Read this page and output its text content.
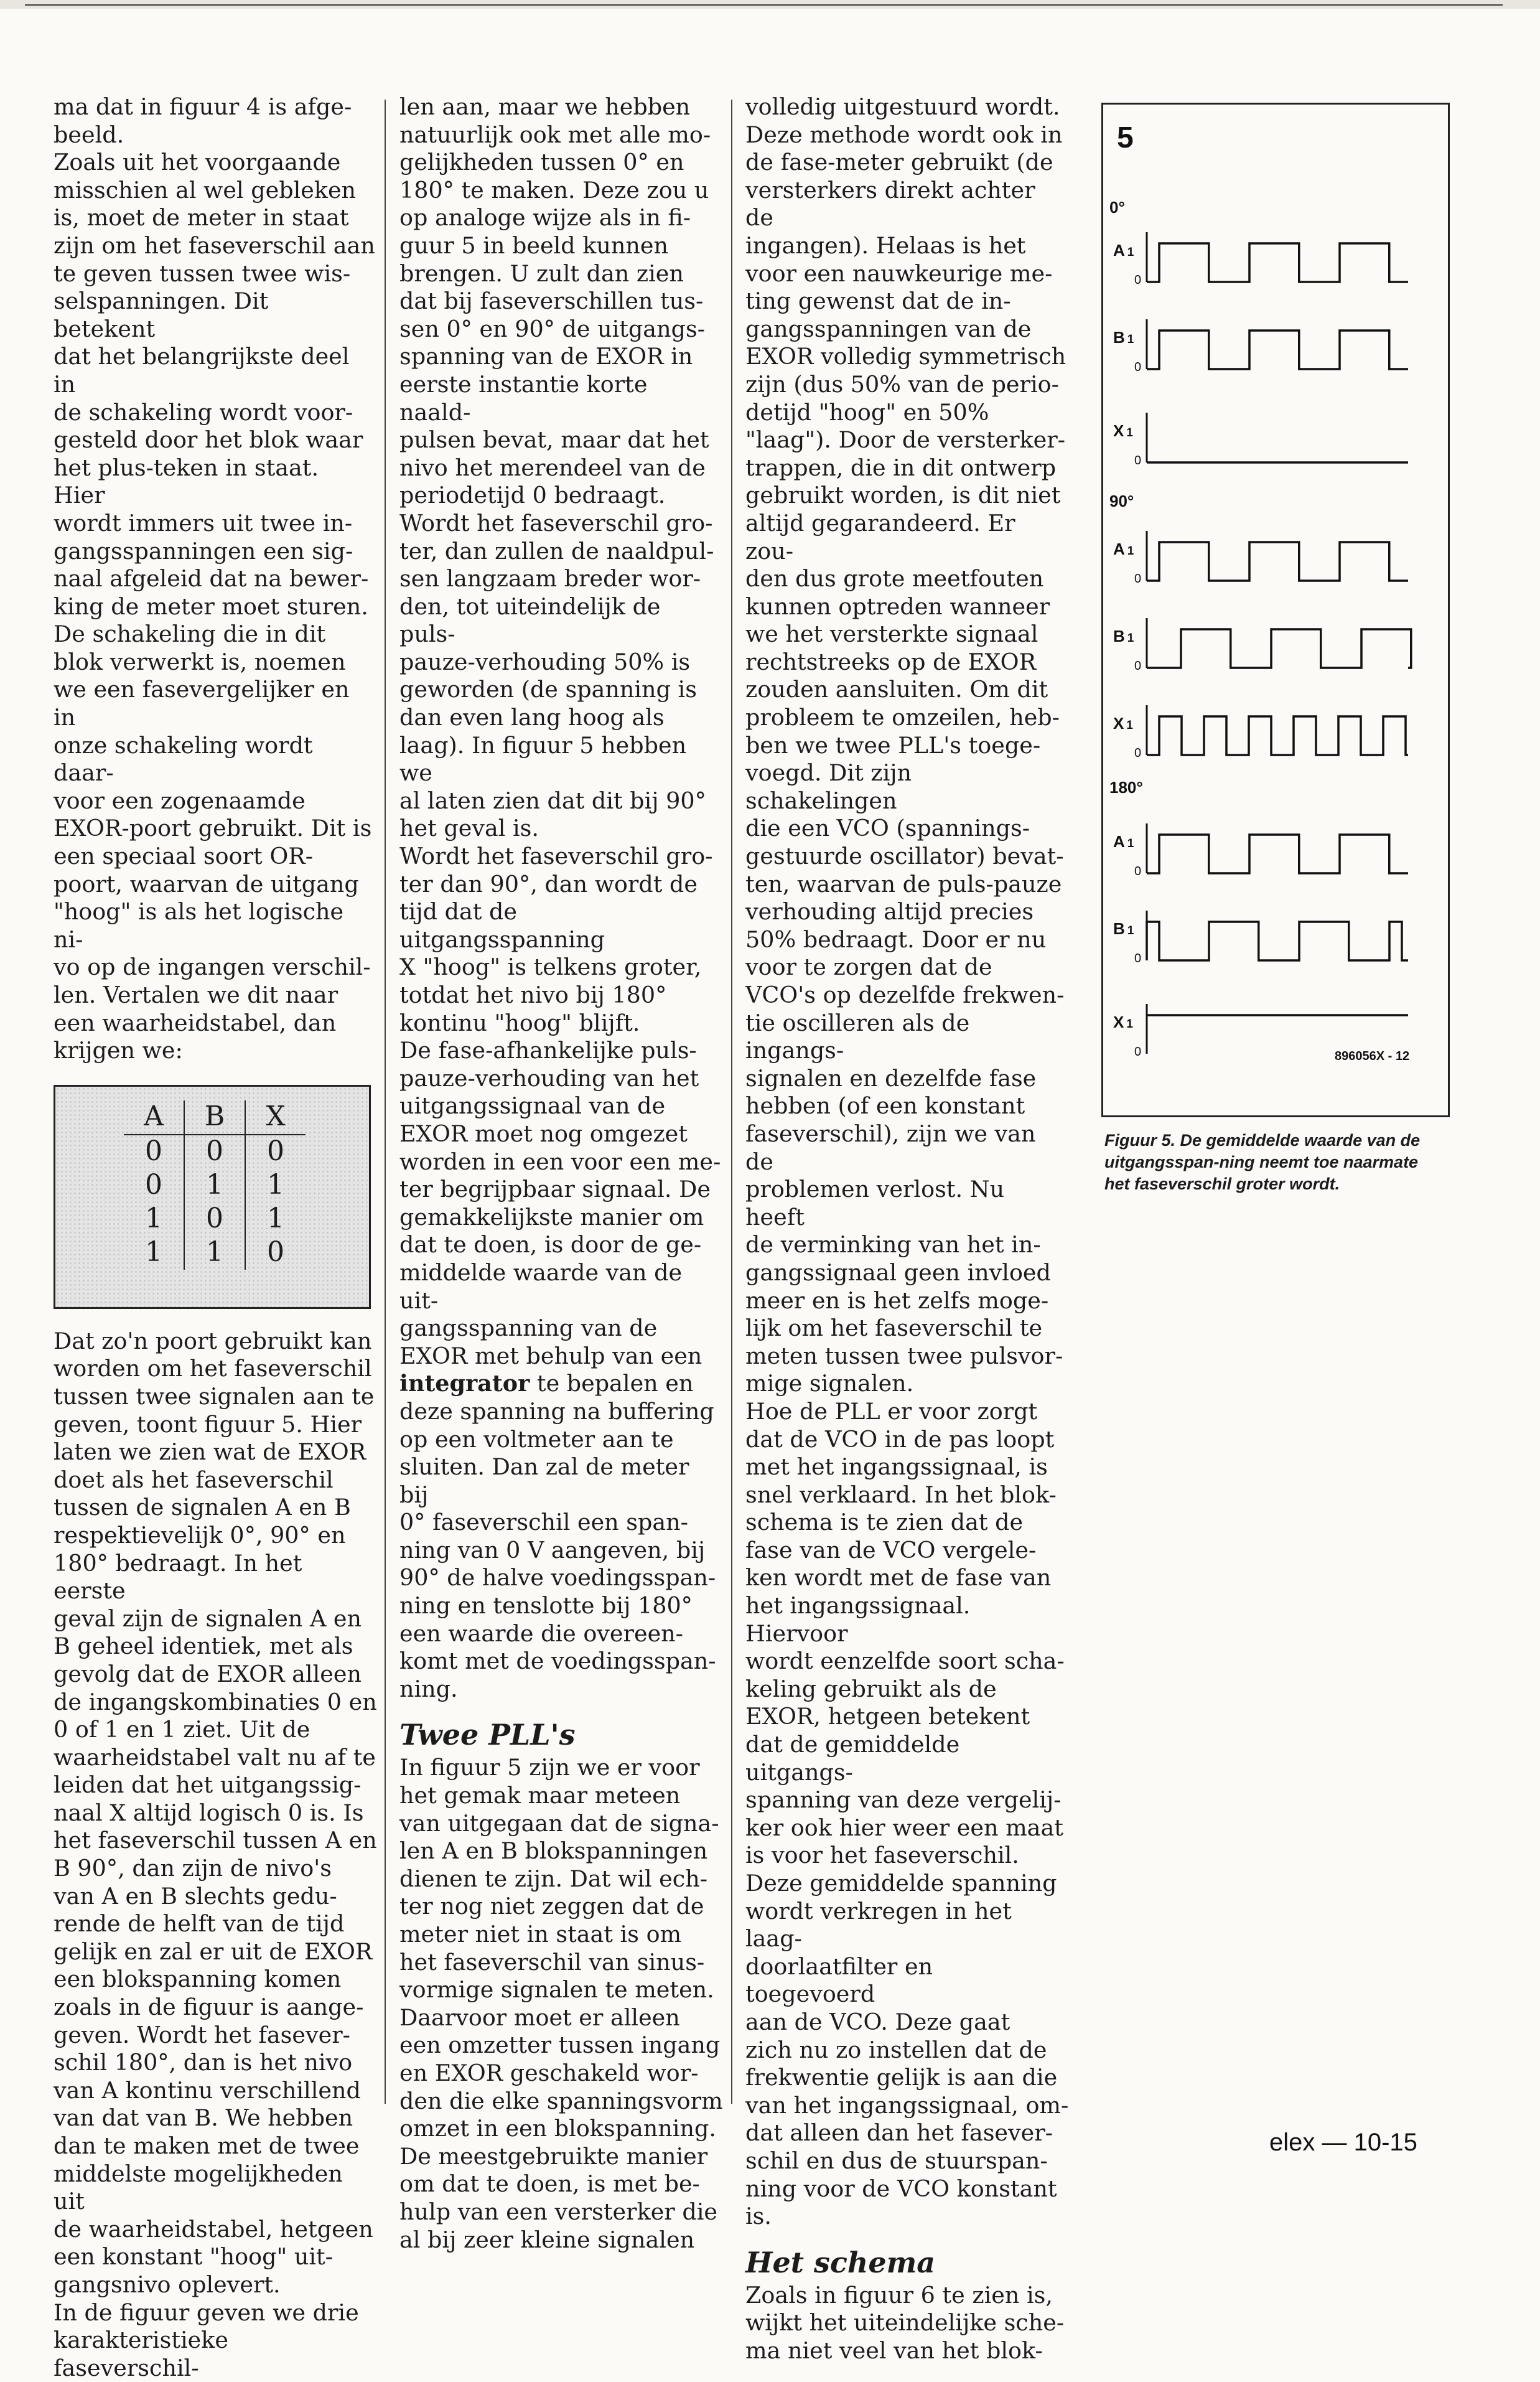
ma dat in figuur 4 is afge-
beeld.
Zoals uit het voorgaande
misschien al wel gebleken
is, moet de meter in staat
zijn om het faseverschil aan
te geven tussen twee wis-
selspanningen. Dit betekent
dat het belangrijkste deel in
de schakeling wordt voor-
gesteld door het blok waar
het plus-teken in staat. Hier
wordt immers uit twee in-
gangsspanningen een sig-
naal afgeleid dat na bewer-
king de meter moet sturen.
De schakeling die in dit
blok verwerkt is, noemen
we een fasevergelijker en in
onze schakeling wordt daar-
voor een zogenaamde
EXOR-poort gebruikt. Dit is
een speciaal soort OR-
poort, waarvan de uitgang
"hoog" is als het logische ni-
vo op de ingangen verschil-
len. Vertalen we dit naar
een waarheidstabel, dan
krijgen we:

A	B	X
0	0	0
0	1	1
1	0	1
1	1	0

Dat zo'n poort gebruikt kan
worden om het faseverschil
tussen twee signalen aan te
geven, toont figuur 5. Hier
laten we zien wat de EXOR
doet als het faseverschil
tussen de signalen A en B
respektievelijk 0°, 90° en
180° bedraagt. In het eerste
geval zijn de signalen A en
B geheel identiek, met als
gevolg dat de EXOR alleen
de ingangskombinaties 0 en
0 of 1 en 1 ziet. Uit de
waarheidstabel valt nu af te
leiden dat het uitgangssig-
naal X altijd logisch 0 is. Is
het faseverschil tussen A en
B 90°, dan zijn de nivo's
van A en B slechts gedu-
rende de helft van de tijd
gelijk en zal er uit de EXOR
een blokspanning komen
zoals in de figuur is aange-
geven. Wordt het fasever-
schil 180°, dan is het nivo
van A kontinu verschillend
van dat van B. We hebben
dan te maken met de twee
middelste mogelijkheden uit
de waarheidstabel, hetgeen
een konstant "hoog" uit-
gangsnivo oplevert.
In de figuur geven we drie
karakteristieke faseverschil-

len aan, maar we hebben
natuurlijk ook met alle mo-
gelijkheden tussen 0° en
180° te maken. Deze zou u
op analoge wijze als in fi-
guur 5 in beeld kunnen
brengen. U zult dan zien
dat bij faseverschillen tus-
sen 0° en 90° de uitgangs-
spanning van de EXOR in
eerste instantie korte naald-
pulsen bevat, maar dat het
nivo het merendeel van de
periodetijd 0 bedraagt.
Wordt het faseverschil gro-
ter, dan zullen de naaldpul-
sen langzaam breder wor-
den, tot uiteindelijk de puls-
pauze-verhouding 50% is
geworden (de spanning is
dan even lang hoog als
laag). In figuur 5 hebben we
al laten zien dat dit bij 90°
het geval is.
Wordt het faseverschil gro-
ter dan 90°, dan wordt de
tijd dat de uitgangsspanning
X "hoog" is telkens groter,
totdat het nivo bij 180°
kontinu "hoog" blijft.
De fase-afhankelijke puls-
pauze-verhouding van het
uitgangssignaal van de
EXOR moet nog omgezet
worden in een voor een me-
ter begrijpbaar signaal. De
gemakkelijkste manier om
dat te doen, is door de ge-
middelde waarde van de uit-
gangsspanning van de
EXOR met behulp van een integrator te bepalen en
deze spanning na buffering
op een voltmeter aan te
sluiten. Dan zal de meter bij
0° faseverschil een span-
ning van 0 V aangeven, bij
90° de halve voedingsspan-
ning en tenslotte bij 180°
een waarde die overeen-
komt met de voedingsspan-
ning.

Twee PLL's

In figuur 5 zijn we er voor
het gemak maar meteen
van uitgegaan dat de signa-
len A en B blokspanningen
dienen te zijn. Dat wil ech-
ter nog niet zeggen dat de
meter niet in staat is om
het faseverschil van sinus-
vormige signalen te meten.
Daarvoor moet er alleen
een omzetter tussen ingang
en EXOR geschakeld wor-
den die elke spanningsvorm
omzet in een blokspanning.
De meestgebruikte manier
om dat te doen, is met be-
hulp van een versterker die
al bij zeer kleine signalen

volledig uitgestuurd wordt.
Deze methode wordt ook in
de fase-meter gebruikt (de
versterkers direkt achter de
ingangen). Helaas is het
voor een nauwkeurige me-
ting gewenst dat de in-
gangsspanningen van de
EXOR volledig symmetrisch
zijn (dus 50% van de perio-
detijd "hoog" en 50%
"laag"). Door de versterker-
trappen, die in dit ontwerp
gebruikt worden, is dit niet
altijd gegarandeerd. Er zou-
den dus grote meetfouten
kunnen optreden wanneer
we het versterkte signaal
rechtstreeks op de EXOR
zouden aansluiten. Om dit
probleem te omzeilen, heb-
ben we twee PLL's toege-
voegd. Dit zijn schakelingen
die een VCO (spannings-
gestuurde oscillator) bevat-
ten, waarvan de puls-pauze
verhouding altijd precies
50% bedraagt. Door er nu
voor te zorgen dat de
VCO's op dezelfde frekwen-
tie oscilleren als de ingangs-
signalen en dezelfde fase
hebben (of een konstant
faseverschil), zijn we van de
problemen verlost. Nu heeft
de verminking van het in-
gangssignaal geen invloed
meer en is het zelfs moge-
lijk om het faseverschil te
meten tussen twee pulsvor-
mige signalen.
Hoe de PLL er voor zorgt
dat de VCO in de pas loopt
met het ingangssignaal, is
snel verklaard. In het blok-
schema is te zien dat de
fase van de VCO vergele-
ken wordt met de fase van
het ingangssignaal. Hiervoor
wordt eenzelfde soort scha-
keling gebruikt als de
EXOR, hetgeen betekent
dat de gemiddelde uitgangs-
spanning van deze vergelij-
ker ook hier weer een maat
is voor het faseverschil.
Deze gemiddelde spanning
wordt verkregen in het laag-
doorlaatfilter en toegevoerd
aan de VCO. Deze gaat
zich nu zo instellen dat de
frekwentie gelijk is aan die
van het ingangssignaal, om-
dat alleen dan het fasever-
schil en dus de stuurspan-
ning voor de VCO konstant
is.

Het schema

Zoals in figuur 6 te zien is,
wijkt het uiteindelijke sche-
ma niet veel van het blok-

5
0°
90°
180°
A 1
0
B 1
0
X 1
0
A 1
0
B 1
0
X 1
0
A 1
0
B 1
0
X 1
0	896056X - 12

Figuur 5. De gemiddelde waarde van de uitgangsspan-ning neemt toe naarmate het faseverschil groter wordt.

elex — 10-15
